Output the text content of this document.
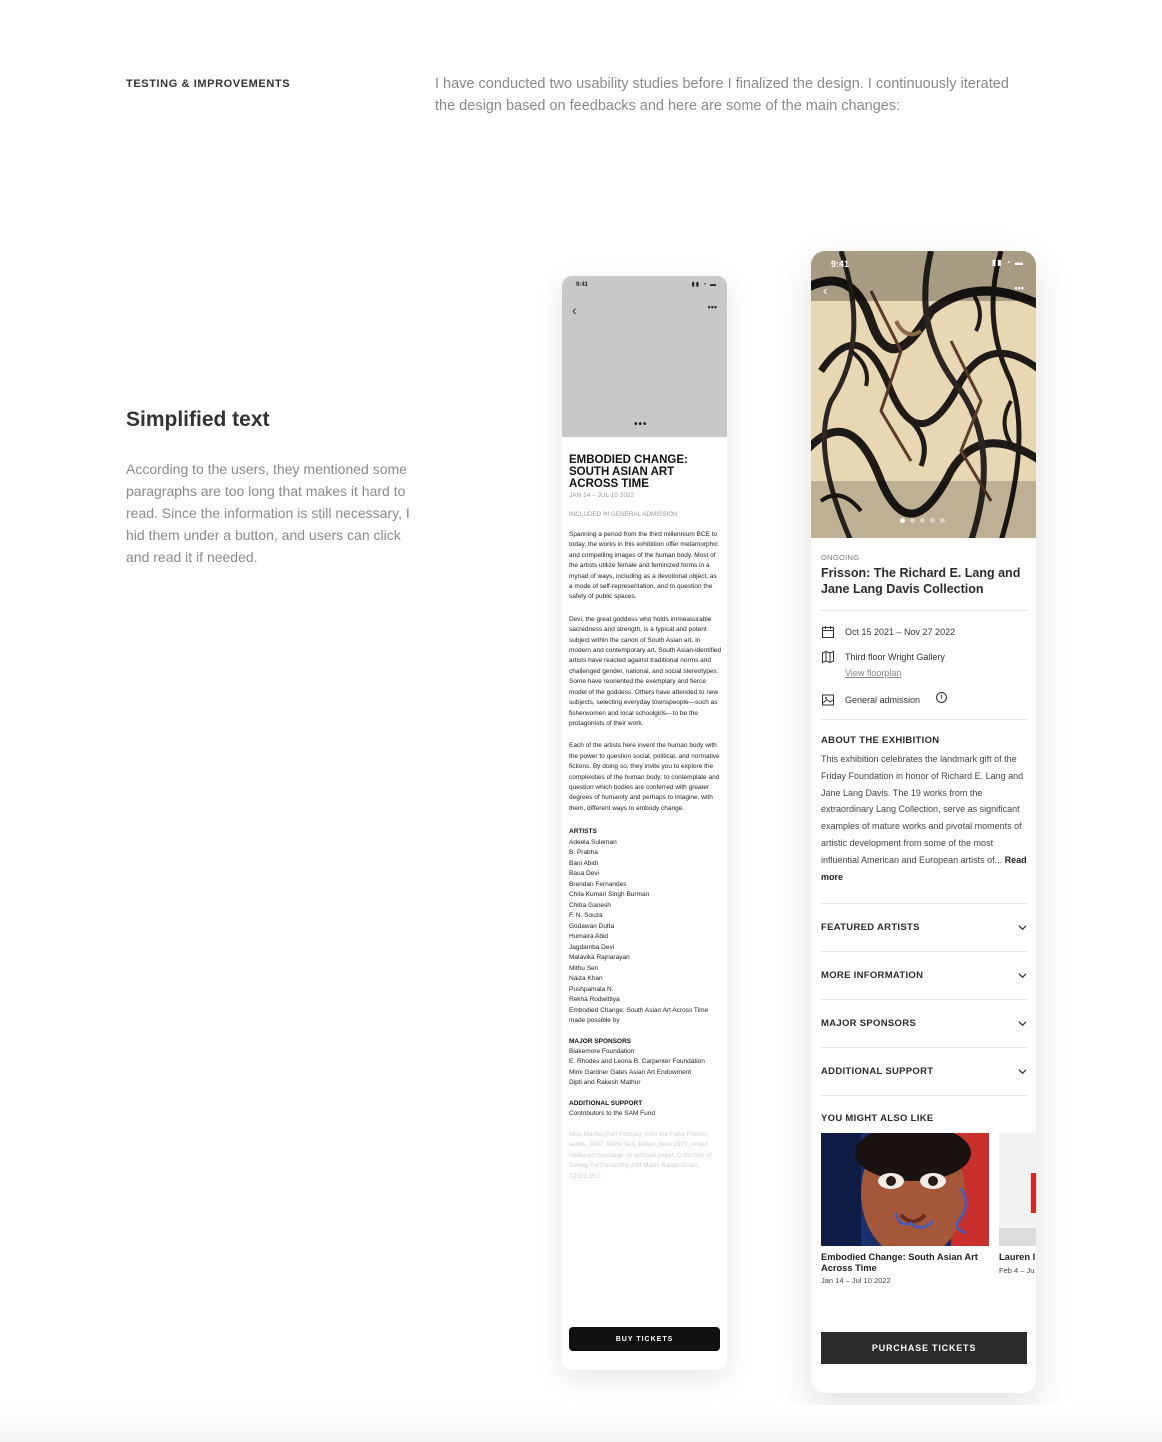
TESTING & IMPROVEMENTS	I have conducted two usability studies before I finalized the design. I continuously iterated the design based on feedbacks and here are some of the main changes:
Simplified text
According to the users, they mentioned some paragraphs are too long that makes it hard to read. Since the information is still necessary, I hid them under a button, and users can click and read it if needed.
9:41	▮▮ ◔ ▬
‹	•••
•••
EMBODIED CHANGE: SOUTH ASIAN ART ACROSS TIME
JAN 14 – JUL 10 2022
INCLUDED IN GENERAL ADMISSION
Spanning a period from the third millennium BCE to today, the works in this exhibition offer metamorphic and compelling images of the human body. Most of the artists utilize female and feminized forms in a myriad of ways, including as a devotional object, as a mode of self-representation, and to question the safety of public spaces.
Devi, the great goddess who holds immeasurable sacredness and strength, is a typical and potent subject within the canon of South Asian art. In modern and contemporary art, South Asian-identified artists have reacted against traditional norms and challenged gender, national, and social stereotypes. Some have reoriented the exemplary and fierce model of the goddess. Others have attended to new subjects, selecting everyday townspeople—such as fisherwomen and local schoolgirls—to be the protagonists of their work.
Each of the artists here invent the human body with the power to question social, political, and normative fictions. By doing so, they invite you to explore the complexities of the human body: to contemplate and question which bodies are conferred with greater degrees of humanity and perhaps to imagine, with them, different ways to embody change.
ARTISTS
Adeela Suleman
B. Prabha
Bani Abidi
Baua Devi
Brendan Fernandes
Chila Kumari Singh Burman
Chitra Ganesh
F. N. Souza
Godawari Dutta
Humaira Abid
Jagdamba Devi
Malavika Rajnarayan
Mithu Sen
Naiza Khan
Pushpamala N.
Rekha Rodwittiya
Embodied Change: South Asian Art Across Time
made possible by
MAJOR SPONSORS
Blakemore Foundation
E. Rhodes and Leona B. Carpenter Foundation
Mimi Gardner Gates Asian Art Endowment
Dipti and Rakesh Mathur
ADDITIONAL SUPPORT
Contributors to the SAM Fund
Miss Macho (Self Portrait), from the False Friends series, 2007, Mithu Sen, Indian, born 1971, mixed media photocollage on archival paper, Collection of Sanjay Parthasarathy and Malini Balakrishnan, T2021.15.2
BUY TICKETS
9:41	▮▮ ◔ ▬
‹	•••
ONGOING
Frisson: The Richard E. Lang and Jane Lang Davis Collection
Oct 15 2021 – Nov 27 2022
Third floor Wright Gallery
View floorplan
General admission	i
ABOUT THE EXHIBITION
This exhibition celebrates the landmark gift of the Friday Foundation in honor of Richard E. Lang and Jane Lang Davis. The 19 works from the extraordinary Lang Collection, serve as significant examples of mature works and pivotal moments of artistic development from some of the most influential American and European artists of... Read more
FEATURED ARTISTS
MORE INFORMATION
MAJOR SPONSORS
ADDITIONAL SUPPORT
YOU MIGHT ALSO LIKE
Embodied Change: South Asian Art Across Time
Jan 14 – Jul 10 2022
Lauren I
Feb 4 – Ju
PURCHASE TICKETS
